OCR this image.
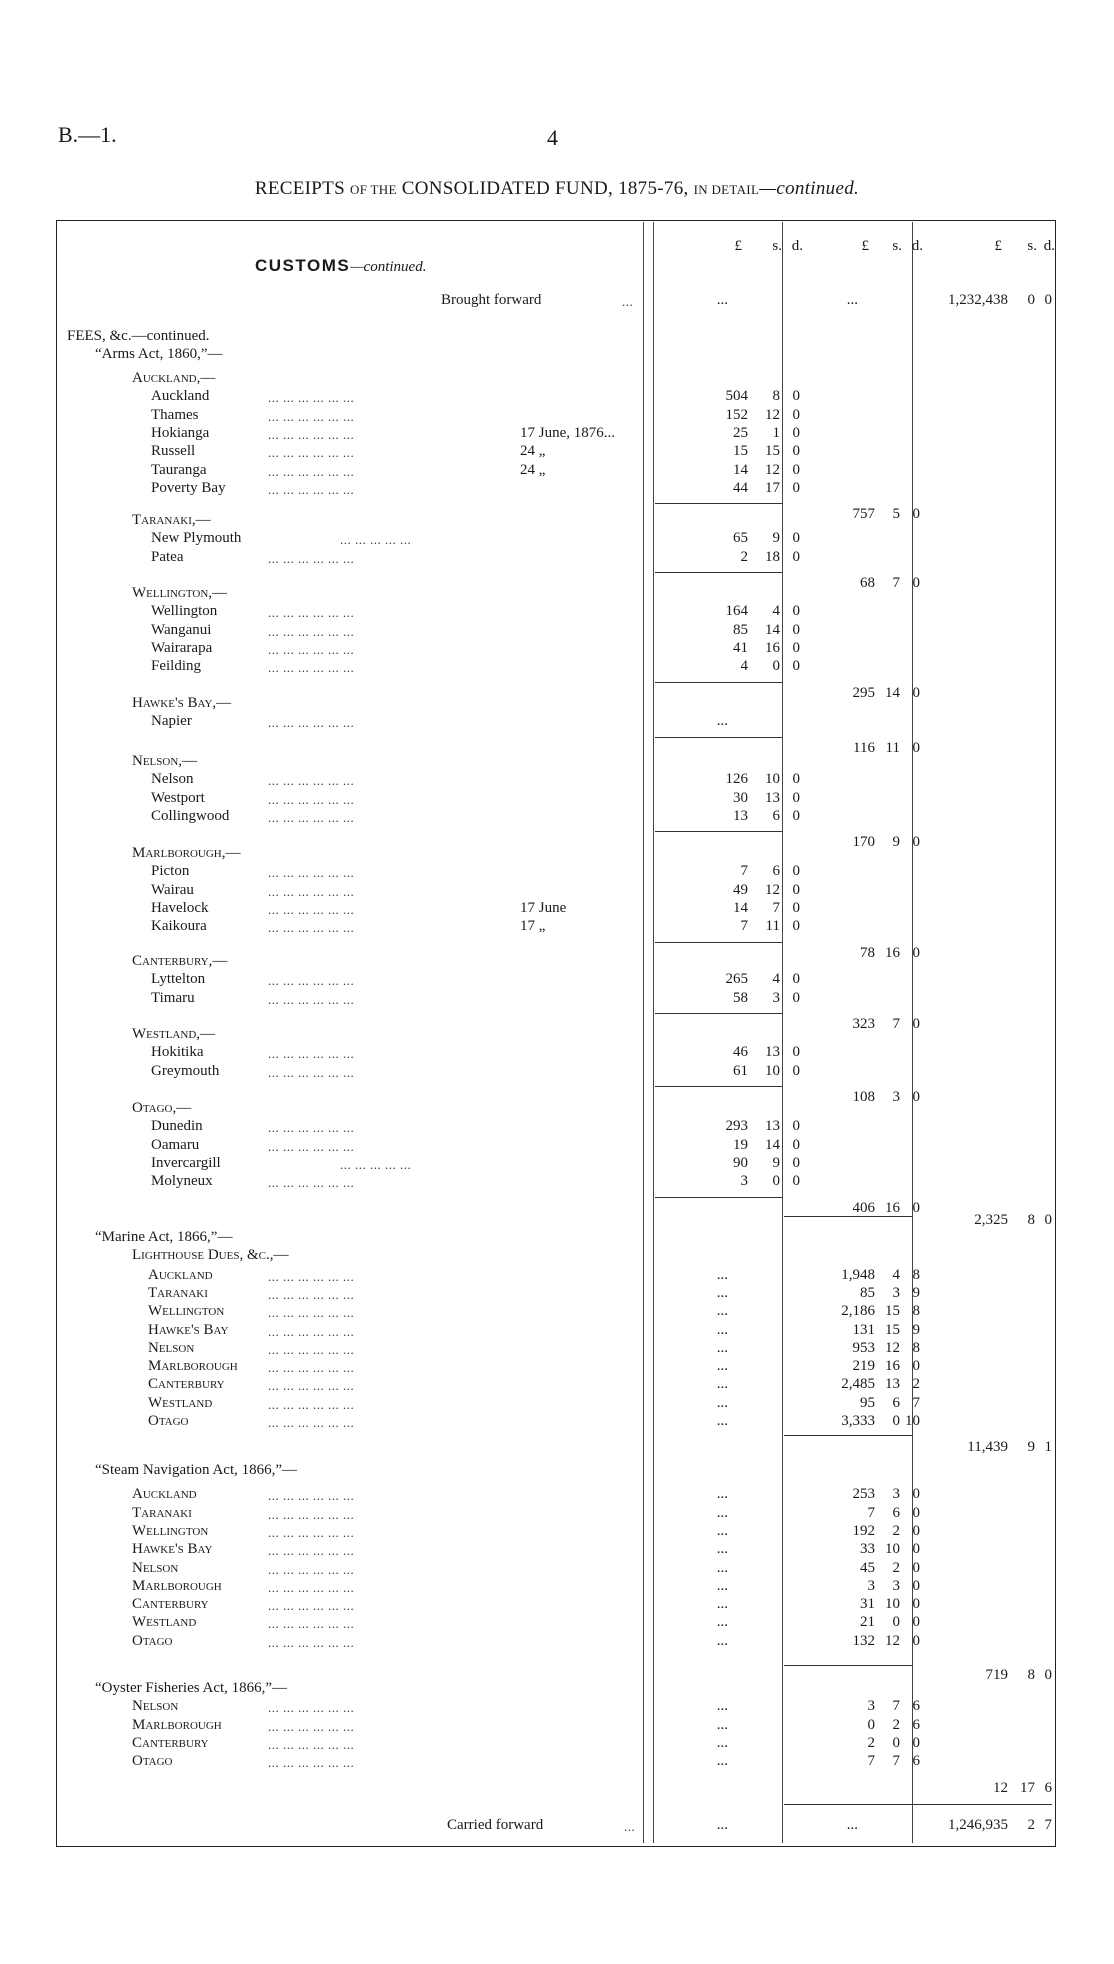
B.—1.	4
RECEIPTS OF THE CONSOLIDATED FUND, 1875-76, IN DETAIL—continued.
CUSTOMS—continued.
£ s. d.	£ s. d.	£ s. d.
Brought forward	...	...	...	1,232,438 0 0
FEES, &c.—continued.
“Arms Act, 1860,”—
Auckland,—
Auckland	... ... ... ... ... ...	504 8 0
Thames	... ... ... ... ... ...	152 12 0
Hokianga	... ... ... ... ... ...	17 June, 1876...	25 1 0
Russell	... ... ... ... ... ...	24 „	15 15 0
Tauranga	... ... ... ... ... ...	24 „	14 12 0
Poverty Bay	... ... ... ... ... ...	44 17 0
757 5 0
Taranaki,—
New Plymouth	... ... ... ... ...	65 9 0
Patea	... ... ... ... ... ...	2 18 0
68 7 0
Wellington,—
Wellington	... ... ... ... ... ...	164 4 0
Wanganui	... ... ... ... ... ...	85 14 0
Wairarapa	... ... ... ... ... ...	41 16 0
Feilding	... ... ... ... ... ...	4 0 0
295 14 0
Hawke's Bay,—
Napier	... ... ... ... ... ...	...
116 11 0
Nelson,—
Nelson	... ... ... ... ... ...	126 10 0
Westport	... ... ... ... ... ...	30 13 0
Collingwood	... ... ... ... ... ...	13 6 0
170 9 0
Marlborough,—
Picton	... ... ... ... ... ...	7 6 0
Wairau	... ... ... ... ... ...	49 12 0
Havelock	... ... ... ... ... ...	17 June	14 7 0
Kaikoura	... ... ... ... ... ...	17 „	7 11 0
78 16 0
Canterbury,—
Lyttelton	... ... ... ... ... ...	265 4 0
Timaru	... ... ... ... ... ...	58 3 0
323 7 0
Westland,—
Hokitika	... ... ... ... ... ...	46 13 0
Greymouth	... ... ... ... ... ...	61 10 0
108 3 0
Otago,—
Dunedin	... ... ... ... ... ...	293 13 0
Oamaru	... ... ... ... ... ...	19 14 0
Invercargill	... ... ... ... ...	90 9 0
Molyneux	... ... ... ... ... ...	3 0 0
406 16 0
2,325 8 0
“Marine Act, 1866,”—
Lighthouse Dues, &c.,—
Auckland	... ... ... ... ... ...	...	1,948 4 8
Taranaki	... ... ... ... ... ...	...	85 3 9
Wellington	... ... ... ... ... ...	...	2,186 15 8
Hawke's Bay	... ... ... ... ... ...	...	131 15 9
Nelson	... ... ... ... ... ...	...	953 12 8
Marlborough ... ... ... ... ... ...	...	219 16 0
Canterbury	... ... ... ... ... ...	...	2,485 13 2
Westland	... ... ... ... ... ...	...	95 6 7
Otago	... ... ... ... ... ...	...	3,333 0 10
11,439 9 1
“Steam Navigation Act, 1866,”—
Auckland	... ... ... ... ... ...	...	253 3 0
Taranaki	... ... ... ... ... ...	...	7 6 0
Wellington	... ... ... ... ... ...	...	192 2 0
Hawke's Bay	... ... ... ... ... ...	...	33 10 0
Nelson	... ... ... ... ... ...	...	45 2 0
Marlborough	... ... ... ... ... ...	...	3 3 0
Canterbury	... ... ... ... ... ...	...	31 10 0
Westland	... ... ... ... ... ...	...	21 0 0
Otago	... ... ... ... ... ...	...	132 12 0
719 8 0
“Oyster Fisheries Act, 1866,”—
Nelson	... ... ... ... ... ...	...	3 7 6
Marlborough	... ... ... ... ... ...	...	0 2 6
Canterbury	... ... ... ... ... ...	...	2 0 0
Otago	... ... ... ... ... ...	...	7 7 6
12 17 6
Carried forward	...	...	...	1,246,935 2 7
